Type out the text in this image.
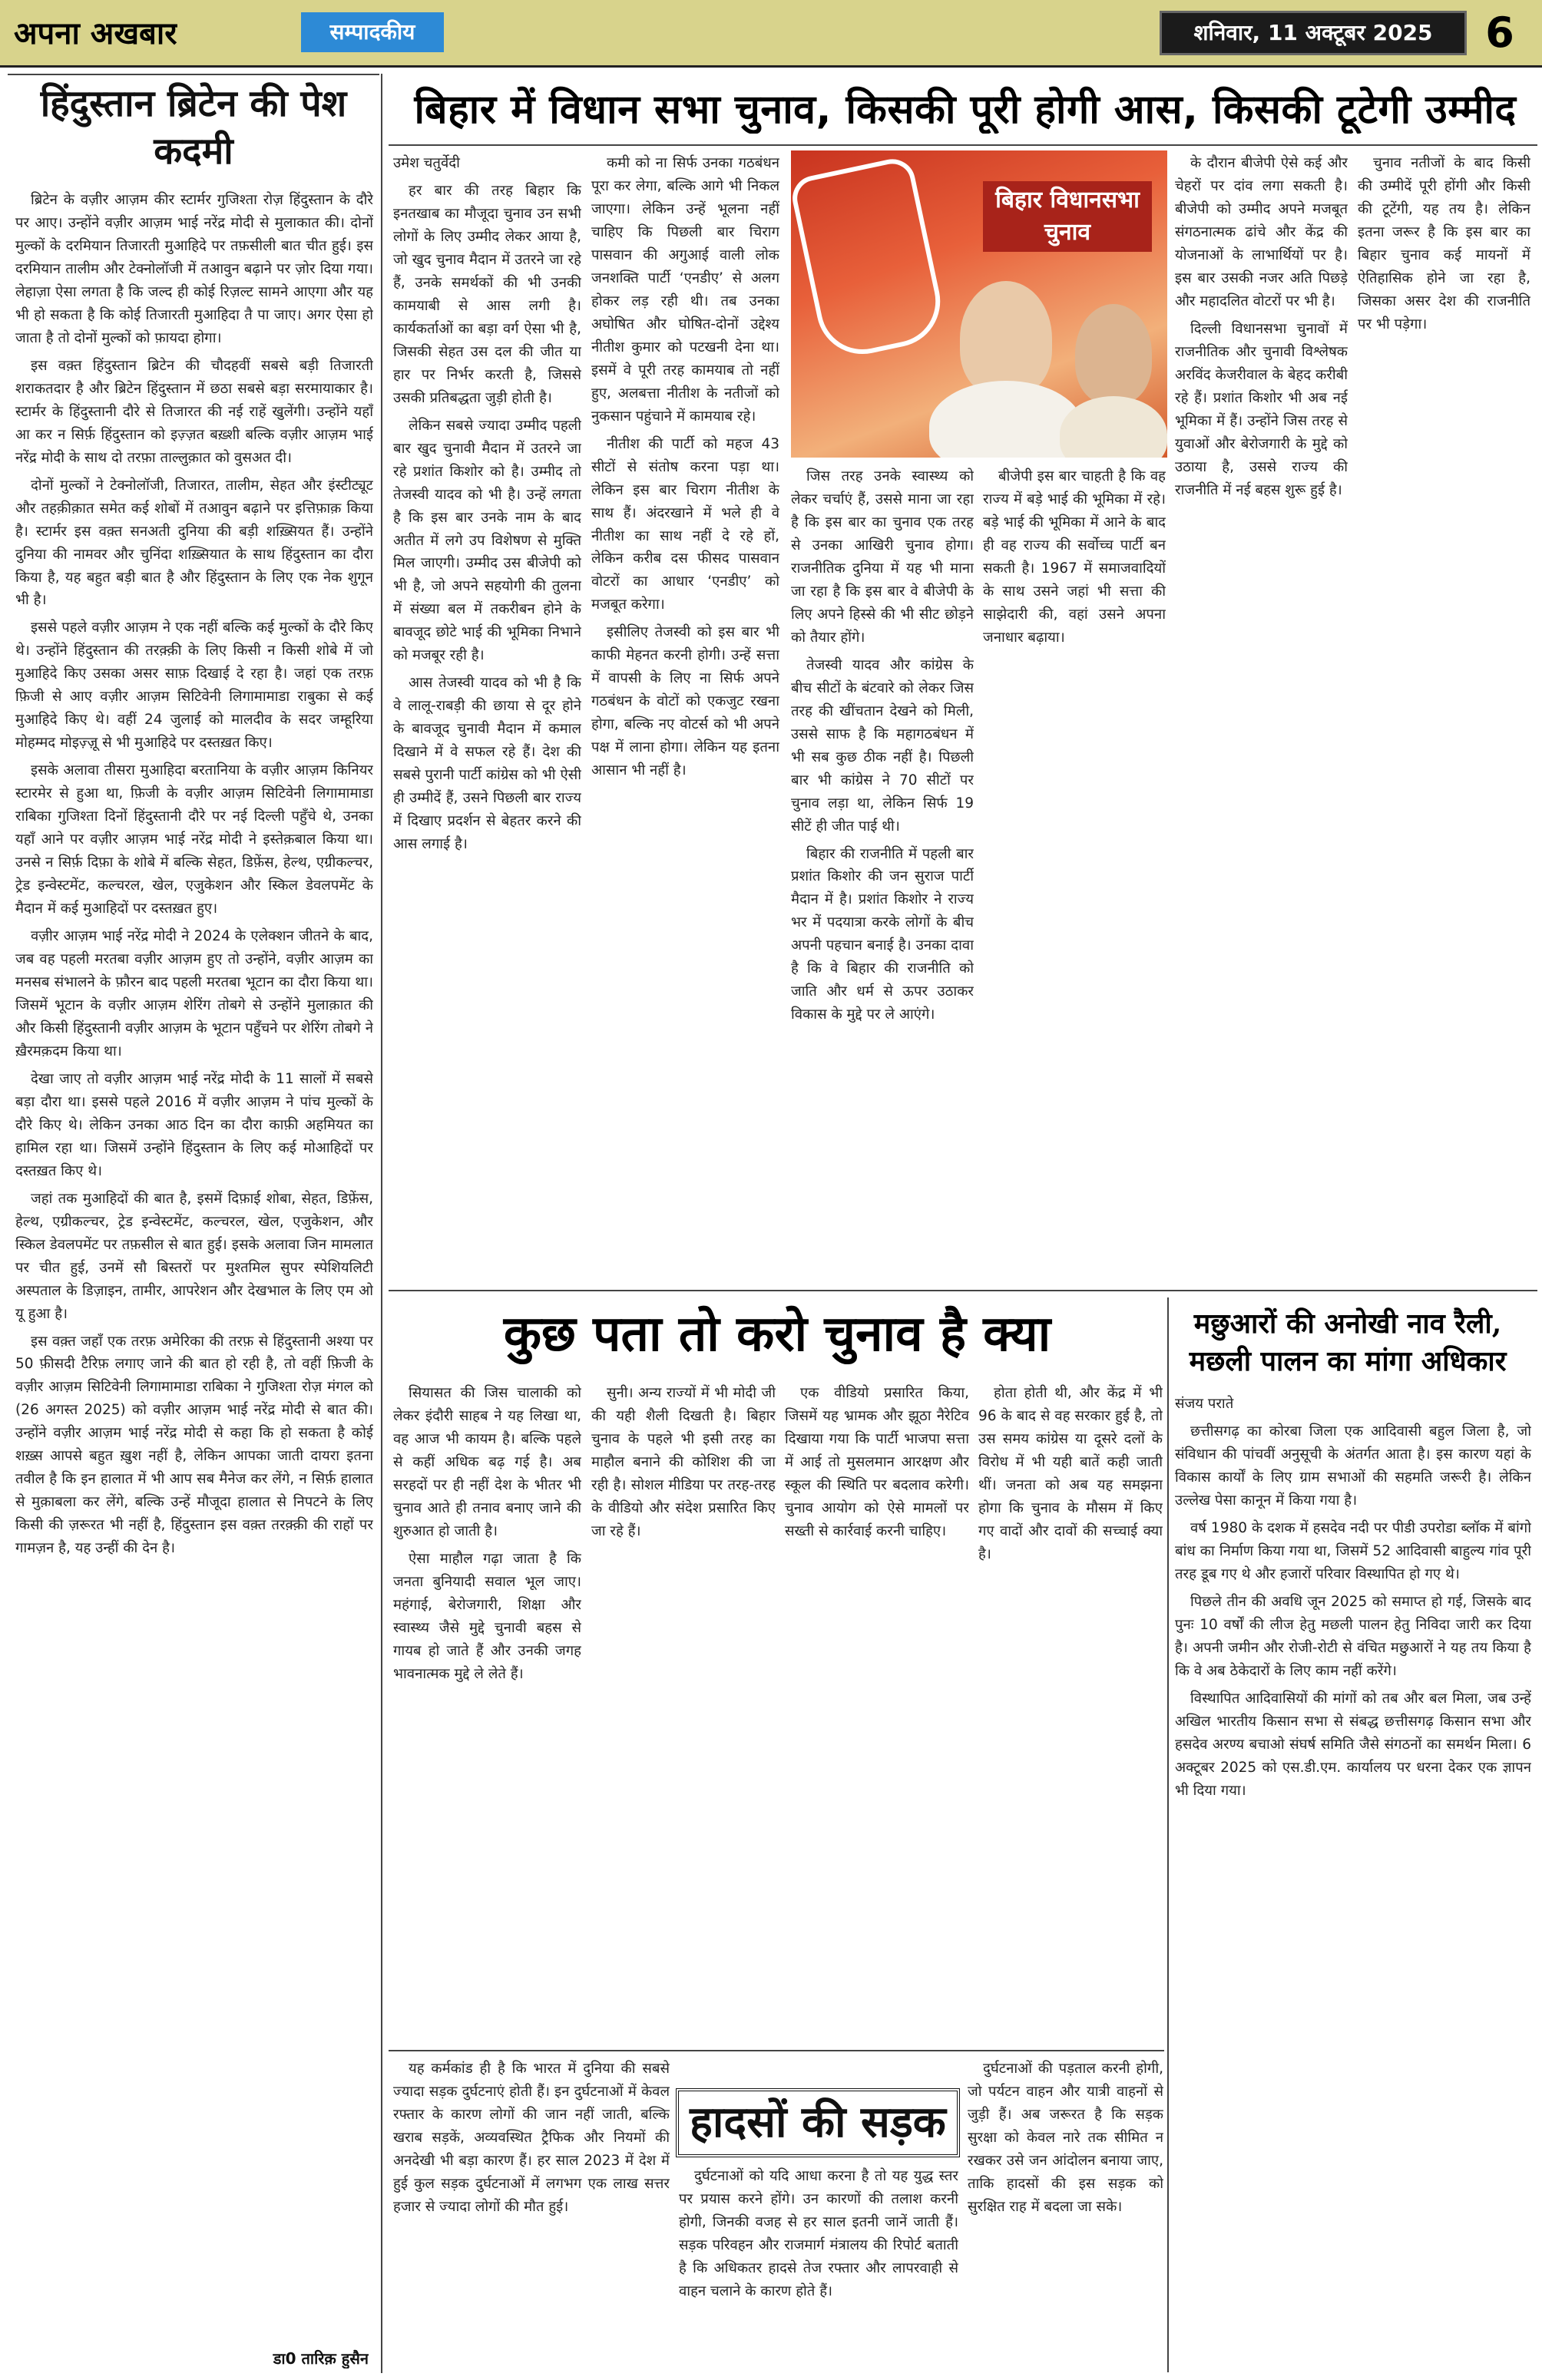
अपना अखबार	सम्पादकीय	शनिवार, 11 अक्टूबर 2025	6
हिंदुस्तान ब्रिटेन की पेश कदमी

ब्रिटेन के वज़ीर आज़म कीर स्टार्मर गुजिश्ता रोज़ हिंदुस्तान के दौरे पर आए। उन्होंने वज़ीर आज़म भाई नरेंद्र मोदी से मुलाकात की। दोनों मुल्कों के दरमियान तिजारती मुआहिदे पर तफ़सीली बात चीत हुई। इस दरमियान तालीम और टेक्नोलॉजी में तआवुन बढ़ाने पर ज़ोर दिया गया। लेहाज़ा ऐसा लगता है कि जल्द ही कोई रिज़ल्ट सामने आएगा और यह भी हो सकता है कि कोई तिजारती मुआहिदा तै पा जाए। अगर ऐसा हो जाता है तो दोनों मुल्कों को फ़ायदा होगा।

इस वक़्त हिंदुस्तान ब्रिटेन की चौदहवीं सबसे बड़ी तिजारती शराकतदार है और ब्रिटेन हिंदुस्तान में छठा सबसे बड़ा सरमायाकार है। स्टार्मर के हिंदुस्तानी दौरे से तिजारत की नई राहें खुलेंगी। उन्होंने यहाँ आ कर न सिर्फ़ हिंदुस्तान को इज़्ज़त बख़्शी बल्कि वज़ीर आज़म भाई नरेंद्र मोदी के साथ दो तरफ़ा ताल्लुक़ात को वुसअत दी।

दोनों मुल्कों ने टेक्नोलॉजी, तिजारत, तालीम, सेहत और इंस्टीट्यूट और तहक़ीक़ात समेत कई शोबों में तआवुन बढ़ाने पर इत्तिफ़ाक़ किया है। स्टार्मर इस वक़्त सनअती दुनिया की बड़ी शख़्सियत हैं। उन्होंने दुनिया की नामवर और चुनिंदा शख़्सियात के साथ हिंदुस्तान का दौरा किया है, यह बहुत बड़ी बात है और हिंदुस्तान के लिए एक नेक शुगून भी है।

इससे पहले वज़ीर आज़म ने एक नहीं बल्कि कई मुल्कों के दौरे किए थे। उन्होंने हिंदुस्तान की तरक़्क़ी के लिए किसी न किसी शोबे में जो मुआहिदे किए उसका असर साफ़ दिखाई दे रहा है। जहां एक तरफ़ फ़िजी से आए वज़ीर आज़म सिटिवेनी लिगामामाडा राबुका से कई मुआहिदे किए थे। वहीं 24 जुलाई को मालदीव के सदर जम्हूरिया मोहम्मद मोइज़्ज़ू से भी मुआहिदे पर दस्तख़त किए।

इसके अलावा तीसरा मुआहिदा बरतानिया के वज़ीर आज़म किनियर स्टारमेर से हुआ था, फ़िजी के वज़ीर आज़म सिटिवेनी लिगामामाडा राबिका गुजिश्ता दिनों हिंदुस्तानी दौरे पर नई दिल्ली पहुँचे थे, उनका यहाँ आने पर वज़ीर आज़म भाई नरेंद्र मोदी ने इस्तेक़बाल किया था। उनसे न सिर्फ़ दिफ़ा के शोबे में बल्कि सेहत, डिफ़ेंस, हेल्थ, एग्रीकल्चर, ट्रेड इन्वेस्टमेंट, कल्चरल, खेल, एजुकेशन और स्किल डेवलपमेंट के मैदान में कई मुआहिदों पर दस्तख़त हुए।

वज़ीर आज़म भाई नरेंद्र मोदी ने 2024 के एलेक्शन जीतने के बाद, जब वह पहली मरतबा वज़ीर आज़म हुए तो उन्होंने, वज़ीर आज़म का मनसब संभालने के फ़ौरन बाद पहली मरतबा भूटान का दौरा किया था। जिसमें भूटान के वज़ीर आज़म शेरिंग तोबगे से उन्होंने मुलाक़ात की और किसी हिंदुस्तानी वज़ीर आज़म के भूटान पहुँचने पर शेरिंग तोबगे ने ख़ैरमक़दम किया था।

देखा जाए तो वज़ीर आज़म भाई नरेंद्र मोदी के 11 सालों में सबसे बड़ा दौरा था। इससे पहले 2016 में वज़ीर आज़म ने पांच मुल्कों के दौरे किए थे। लेकिन उनका आठ दिन का दौरा काफ़ी अहमियत का हामिल रहा था। जिसमें उन्होंने हिंदुस्तान के लिए कई मोआहिदों पर दस्तख़त किए थे।

जहां तक मुआहिदों की बात है, इसमें दिफ़ाई शोबा, सेहत, डिफ़ेंस, हेल्थ, एग्रीकल्चर, ट्रेड इन्वेस्टमेंट, कल्चरल, खेल, एजुकेशन, और स्किल डेवलपमेंट पर तफ़सील से बात हुई। इसके अलावा जिन मामलात पर चीत हुई, उनमें सौ बिस्तरों पर मुश्तमिल सुपर स्पेशियलिटी अस्पताल के डिज़ाइन, तामीर, आपरेशन और देखभाल के लिए एम ओ यू हुआ है।

इस वक़्त जहाँ एक तरफ़ अमेरिका की तरफ़ से हिंदुस्तानी अश्या पर 50 फ़ीसदी टैरिफ़ लगाए जाने की बात हो रही है, तो वहीं फ़िजी के वज़ीर आज़म सिटिवेनी लिगामामाडा राबिका ने गुजिश्ता रोज़ मंगल को (26 अगस्त 2025) को वज़ीर आज़म भाई नरेंद्र मोदी से बात की। उन्होंने वज़ीर आज़म भाई नरेंद्र मोदी से कहा कि हो सकता है कोई शख़्स आपसे बहुत ख़ुश नहीं है, लेकिन आपका जाती दायरा इतना तवील है कि इन हालात में भी आप सब मैनेज कर लेंगे, न सिर्फ़ हालात से मुक़ाबला कर लेंगे, बल्कि उन्हें मौजूदा हालात से निपटने के लिए किसी की ज़रूरत भी नहीं है, हिंदुस्तान इस वक़्त तरक़्क़ी की राहों पर गामज़न है, यह उन्हीं की देन है।

डा0 तारिक़ हुसैन
बिहार में विधान सभा चुनाव, किसकी पूरी होगी आस, किसकी टूटेगी उम्मीद

उमेश चतुर्वेदी

हर बार की तरह बिहार कि इनतखाब का मौजूदा चुनाव उन सभी लोगों के लिए उम्मीद लेकर आया है, जो खुद चुनाव मैदान में उतरने जा रहे हैं, उनके समर्थकों की भी उनकी कामयाबी से आस लगी है। कार्यकर्ताओं का बड़ा वर्ग ऐसा भी है, जिसकी सेहत उस दल की जीत या हार पर निर्भर करती है, जिससे उसकी प्रतिबद्धता जुड़ी होती है।

लेकिन सबसे ज्यादा उम्मीद पहली बार खुद चुनावी मैदान में उतरने जा रहे प्रशांत किशोर को है। उम्मीद तो तेजस्वी यादव को भी है। उन्हें लगता है कि इस बार उनके नाम के बाद अतीत में लगे उप विशेषण से मुक्ति मिल जाएगी। उम्मीद उस बीजेपी को भी है, जो अपने सहयोगी की तुलना में संख्या बल में तकरीबन होने के बावजूद छोटे भाई की भूमिका निभाने को मजबूर रही है।

आस तेजस्वी यादव को भी है कि वे लालू-राबड़ी की छाया से दूर होने के बावजूद चुनावी मैदान में कमाल दिखाने में वे सफल रहे हैं। देश की सबसे पुरानी पार्टी कांग्रेस को भी ऐसी ही उम्मीदें हैं, उसने पिछली बार राज्य में दिखाए प्रदर्शन से बेहतर करने की आस लगाई है।

कमी को ना सिर्फ उनका गठबंधन पूरा कर लेगा, बल्कि आगे भी निकल जाएगा। लेकिन उन्हें भूलना नहीं चाहिए कि पिछली बार चिराग पासवान की अगुआई वाली लोक जनशक्ति पार्टी ‘एनडीए’ से अलग होकर लड़ रही थी। तब उनका अघोषित और घोषित-दोनों उद्देश्य नीतीश कुमार को पटखनी देना था। इसमें वे पूरी तरह कामयाब तो नहीं हुए, अलबत्ता नीतीश के नतीजों को नुकसान पहुंचाने में कामयाब रहे।

नीतीश की पार्टी को महज 43 सीटों से संतोष करना पड़ा था। लेकिन इस बार चिराग नीतीश के साथ हैं। अंदरखाने में भले ही वे नीतीश का साथ नहीं दे रहे हों, लेकिन करीब दस फीसद पासवान वोटरों का आधार ‘एनडीए’ को मजबूत करेगा।

इसीलिए तेजस्वी को इस बार भी काफी मेहनत करनी होगी। उन्हें सत्ता में वापसी के लिए ना सिर्फ अपने गठबंधन के वोटों को एकजुट रखना होगा, बल्कि नए वोटर्स को भी अपने पक्ष में लाना होगा। लेकिन यह इतना आसान भी नहीं है।

बिहार विधानसभा चुनाव

जिस तरह उनके स्वास्थ्य को लेकर चर्चाएं हैं, उससे माना जा रहा है कि इस बार का चुनाव एक तरह से उनका आखिरी चुनाव होगा। राजनीतिक दुनिया में यह भी माना जा रहा है कि इस बार वे बीजेपी के लिए अपने हिस्से की भी सीट छोड़ने को तैयार होंगे।

तेजस्वी यादव और कांग्रेस के बीच सीटों के बंटवारे को लेकर जिस तरह की खींचतान देखने को मिली, उससे साफ है कि महागठबंधन में भी सब कुछ ठीक नहीं है। पिछली बार भी कांग्रेस ने 70 सीटों पर चुनाव लड़ा था, लेकिन सिर्फ 19 सीटें ही जीत पाई थी।

बिहार की राजनीति में पहली बार प्रशांत किशोर की जन सुराज पार्टी मैदान में है। प्रशांत किशोर ने राज्य भर में पदयात्रा करके लोगों के बीच अपनी पहचान बनाई है। उनका दावा है कि वे बिहार की राजनीति को जाति और धर्म से ऊपर उठाकर विकास के मुद्दे पर ले आएंगे।

बीजेपी इस बार चाहती है कि वह राज्य में बड़े भाई की भूमिका में रहे। बड़े भाई की भूमिका में आने के बाद ही वह राज्य की सर्वोच्च पार्टी बन सकती है। 1967 में समाजवादियों के साथ उसने जहां भी सत्ता की साझेदारी की, वहां उसने अपना जनाधार बढ़ाया।

के दौरान बीजेपी ऐसे कई और चेहरों पर दांव लगा सकती है। बीजेपी को उम्मीद अपने मजबूत संगठनात्मक ढांचे और केंद्र की योजनाओं के लाभार्थियों पर है। इस बार उसकी नजर अति पिछड़े और महादलित वोटरों पर भी है।

दिल्ली विधानसभा चुनावों में राजनीतिक और चुनावी विश्लेषक अरविंद केजरीवाल के बेहद करीबी रहे हैं। प्रशांत किशोर भी अब नई भूमिका में हैं। उन्होंने जिस तरह से युवाओं और बेरोजगारी के मुद्दे को उठाया है, उससे राज्य की राजनीति में नई बहस शुरू हुई है।

चुनाव नतीजों के बाद किसी की उम्मीदें पूरी होंगी और किसी की टूटेंगी, यह तय है। लेकिन इतना जरूर है कि इस बार का बिहार चुनाव कई मायनों में ऐतिहासिक होने जा रहा है, जिसका असर देश की राजनीति पर भी पड़ेगा।

कुछ पता तो करो चुनाव है क्या

सियासत की जिस चालाकी को लेकर इंदौरी साहब ने यह लिखा था, वह आज भी कायम है। बल्कि पहले से कहीं अधिक बढ़ गई है। अब सरहदों पर ही नहीं देश के भीतर भी चुनाव आते ही तनाव बनाए जाने की शुरुआत हो जाती है।

ऐसा माहौल गढ़ा जाता है कि जनता बुनियादी सवाल भूल जाए। महंगाई, बेरोजगारी, शिक्षा और स्वास्थ्य जैसे मुद्दे चुनावी बहस से गायब हो जाते हैं और उनकी जगह भावनात्मक मुद्दे ले लेते हैं।

सुनी। अन्य राज्यों में भी मोदी जी की यही शैली दिखती है। बिहार चुनाव के पहले भी इसी तरह का माहौल बनाने की कोशिश की जा रही है। सोशल मीडिया पर तरह-तरह के वीडियो और संदेश प्रसारित किए जा रहे हैं।

एक वीडियो प्रसारित किया, जिसमें यह भ्रामक और झूठा नैरेटिव दिखाया गया कि पार्टी भाजपा सत्ता में आई तो मुसलमान आरक्षण और स्कूल की स्थिति पर बदलाव करेगी। चुनाव आयोग को ऐसे मामलों पर सख्ती से कार्रवाई करनी चाहिए।

होता होती थी, और केंद्र में भी 96 के बाद से वह सरकार हुई है, तो उस समय कांग्रेस या दूसरे दलों के विरोध में भी यही बातें कही जाती थीं। जनता को अब यह समझना होगा कि चुनाव के मौसम में किए गए वादों और दावों की सच्चाई क्या है।

मछुआरों की अनोखी नाव रैली, मछली पालन का मांगा अधिकार

संजय पराते

छत्तीसगढ़ का कोरबा जिला एक आदिवासी बहुल जिला है, जो संविधान की पांचवीं अनुसूची के अंतर्गत आता है। इस कारण यहां के विकास कार्यों के लिए ग्राम सभाओं की सहमति जरूरी है। लेकिन उल्लेख पेसा कानून में किया गया है।

वर्ष 1980 के दशक में हसदेव नदी पर पीडी उपरोडा ब्लॉक में बांगो बांध का निर्माण किया गया था, जिसमें 52 आदिवासी बाहुल्य गांव पूरी तरह डूब गए थे और हजारों परिवार विस्थापित हो गए थे।

पिछले तीन की अवधि जून 2025 को समाप्त हो गई, जिसके बाद पुनः 10 वर्षों की लीज हेतु मछली पालन हेतु निविदा जारी कर दिया है। अपनी जमीन और रोजी-रोटी से वंचित मछुआरों ने यह तय किया है कि वे अब ठेकेदारों के लिए काम नहीं करेंगे।

विस्थापित आदिवासियों की मांगों को तब और बल मिला, जब उन्हें अखिल भारतीय किसान सभा से संबद्ध छत्तीसगढ़ किसान सभा और हसदेव अरण्य बचाओ संघर्ष समिति जैसे संगठनों का समर्थन मिला। 6 अक्टूबर 2025 को एस.डी.एम. कार्यालय पर धरना देकर एक ज्ञापन भी दिया गया।

यह कर्मकांड ही है कि भारत में दुनिया की सबसे ज्यादा सड़क दुर्घटनाएं होती हैं। इन दुर्घटनाओं में केवल रफ्तार के कारण लोगों की जान नहीं जाती, बल्कि खराब सड़कें, अव्यवस्थित ट्रैफिक और नियमों की अनदेखी भी बड़ा कारण हैं। हर साल 2023 में देश में हुई कुल सड़क दुर्घटनाओं में लगभग एक लाख सत्तर हजार से ज्यादा लोगों की मौत हुई।

दुर्घटनाओं को यदि आधा करना है तो यह युद्ध स्तर पर प्रयास करने होंगे। उन कारणों की तलाश करनी होगी, जिनकी वजह से हर साल इतनी जानें जाती हैं। सड़क परिवहन और राजमार्ग मंत्रालय की रिपोर्ट बताती है कि अधिकतर हादसे तेज रफ्तार और लापरवाही से वाहन चलाने के कारण होते हैं।

हादसों की सड़क

दुर्घटनाओं की पड़ताल करनी होगी, जो पर्यटन वाहन और यात्री वाहनों से जुड़ी हैं। अब जरूरत है कि सड़क सुरक्षा को केवल नारे तक सीमित न रखकर उसे जन आंदोलन बनाया जाए, ताकि हादसों की इस सड़क को सुरक्षित राह में बदला जा सके।
